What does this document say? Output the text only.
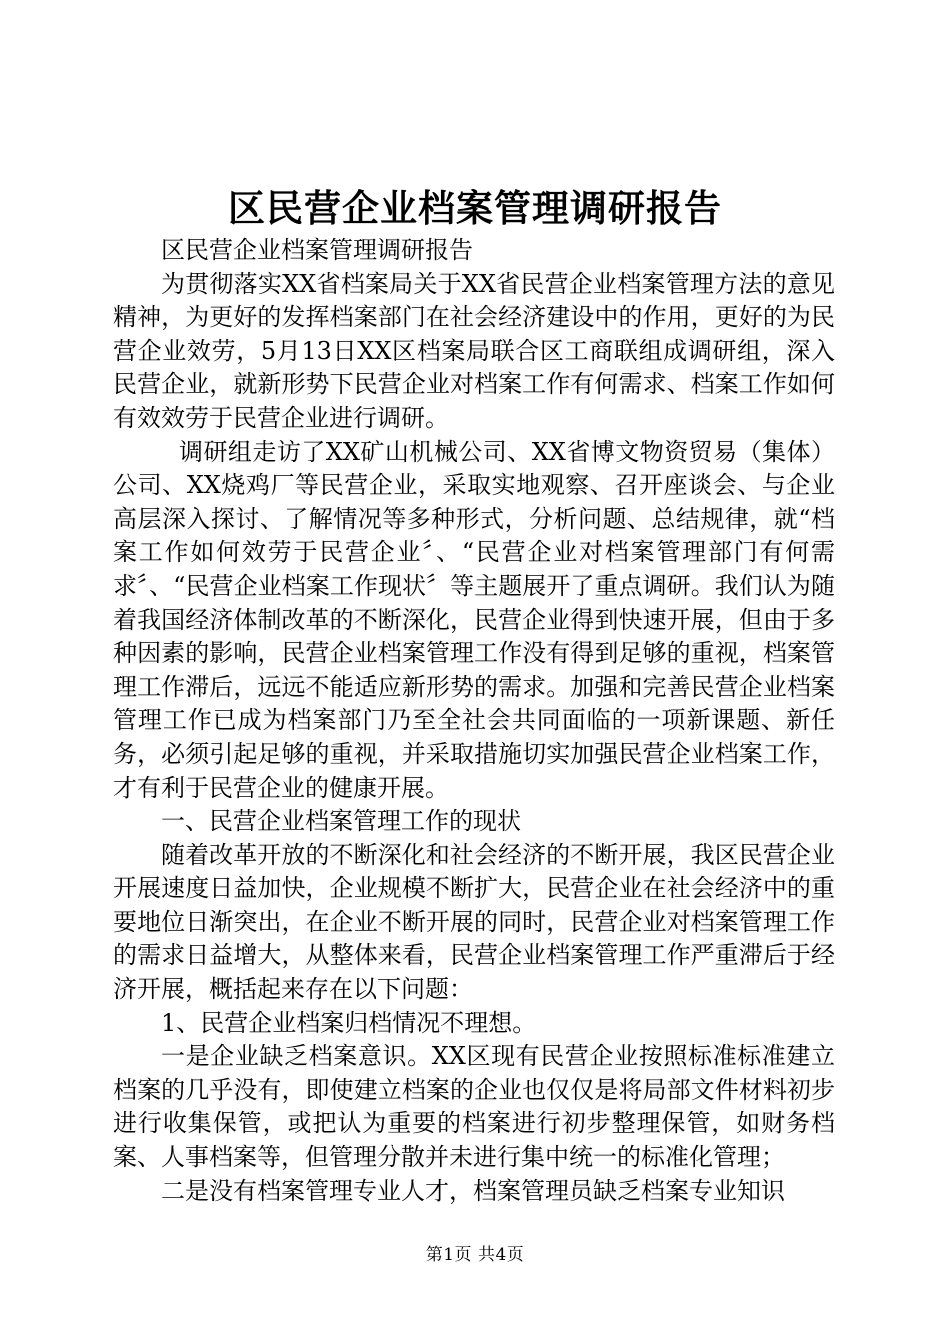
区民营企业档案管理调研报告

区民营企业档案管理调研报告

为贯彻落实XX省档案局关于XX省民营企业档案管理方法的意见精神，为更好的发挥档案部门在社会经济建设中的作用，更好的为民营企业效劳，5月13日XX区档案局联合区工商联组成调研组，深入民营企业，就新形势下民营企业对档案工作有何需求、档案工作如何有效效劳于民营企业进行调研。

调研组走访了XX矿山机械公司、XX省博文物资贸易（集体）公司、XX烧鸡厂等民营企业，采取实地观察、召开座谈会、与企业高层深入探讨、了解情况等多种形式，分析问题、总结规律，就“档案工作如何效劳于民营企业〞、“民营企业对档案管理部门有何需求〞、“民营企业档案工作现状〞等主题展开了重点调研。我们认为随着我国经济体制改革的不断深化，民营企业得到快速开展，但由于多种因素的影响，民营企业档案管理工作没有得到足够的重视，档案管理工作滞后，远远不能适应新形势的需求。加强和完善民营企业档案管理工作已成为档案部门乃至全社会共同面临的一项新课题、新任务，必须引起足够的重视，并采取措施切实加强民营企业档案工作，才有利于民营企业的健康开展。

一、民营企业档案管理工作的现状

随着改革开放的不断深化和社会经济的不断开展，我区民营企业开展速度日益加快，企业规模不断扩大，民营企业在社会经济中的重要地位日渐突出，在企业不断开展的同时，民营企业对档案管理工作的需求日益增大，从整体来看，民营企业档案管理工作严重滞后于经济开展，概括起来存在以下问题：

1、民营企业档案归档情况不理想。

一是企业缺乏档案意识。XX区现有民营企业按照标准标准建立档案的几乎没有，即使建立档案的企业也仅仅是将局部文件材料初步进行收集保管，或把认为重要的档案进行初步整理保管，如财务档案、人事档案等，但管理分散并未进行集中统一的标准化管理；

二是没有档案管理专业人才，档案管理员缺乏档案专业知识

第1页 共4页
